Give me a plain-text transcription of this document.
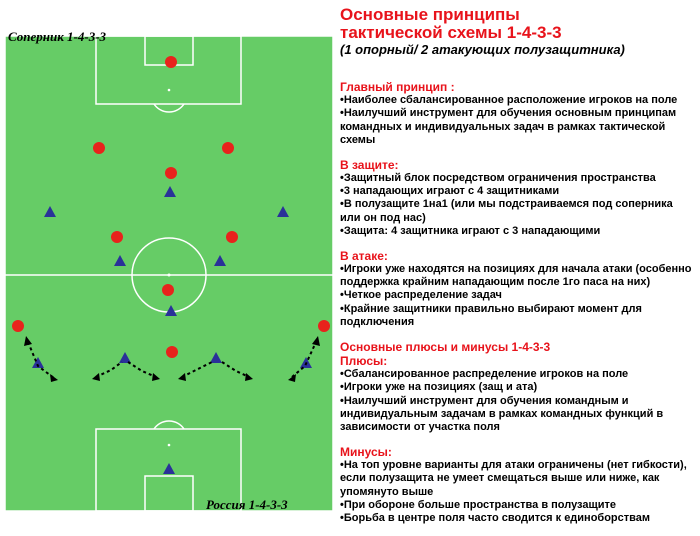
Соперник 1-4-3-3
Россия 1-4-3-3
Основные принципы
тактической схемы 1-4-3-3
(1 опорный/ 2 атакующих полузащитника)
Главный принцип :
•Наиболее сбалансированное расположение игроков на поле
•Наилучший инструмент для обучения основным принципам командных и индивидуальных задач в рамках тактической схемы
В защите:
•Защитный блок посредством ограничения пространства
•3 нападающих играют с 4 защитниками
•В полузащите 1на1 (или мы подстраиваемся под соперника или он под нас)
•Защита: 4 защитника играют с 3 нападающими
В атаке:
•Игроки уже находятся на позициях для начала атаки (особенно поддержка крайним нападающим после 1го паса на них)
•Четкое распределение задач
•Крайние защитники правильно выбирают момент для подключения
Основные плюсы и минусы 1-4-3-3
Плюсы:
•Сбалансированное распределение игроков на поле
•Игроки уже на позициях (защ и ата)
•Наилучший инструмент для обучения командным и индивидуальным задачам в рамках командных функций в зависимости от участка поля
Минусы:
•На топ уровне варианты для атаки ограничены (нет гибкости), если полузащита не умеет смещаться выше или ниже, как упомянуто выше
•При обороне больше пространства в полузащите
•Борьба в центре поля часто сводится к единоборствам
